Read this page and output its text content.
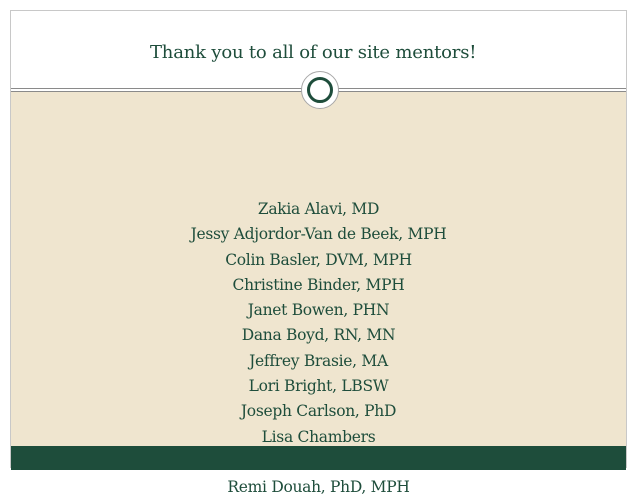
Thank you to all of our site mentors!
Zakia Alavi, MD
Jessy Adjordor-Van de Beek, MPH
Colin Basler, DVM, MPH
Christine Binder, MPH
Janet Bowen, PHN
Dana Boyd, RN, MN
Jeffrey Brasie, MA
Lori Bright, LBSW
Joseph Carlson, PhD
Lisa Chambers
Remi Douah, PhD, MPH
